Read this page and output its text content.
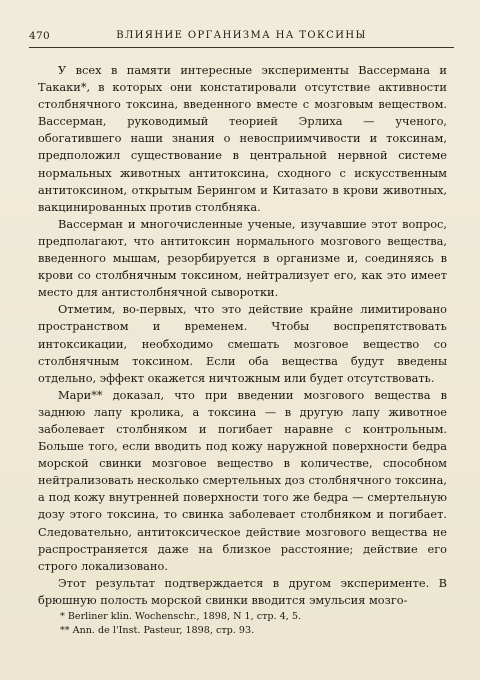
470	ВЛИЯНИЕ ОРГАНИЗМА НА ТОКСИНЫ

У всех в памяти интересные эксперименты Вассермана и Такаки*, в которых они констатировали отсутствие активности столбнячного токсина, введенного вместе с мозговым веществом. Вассерман, руководимый теорией Эрлиха — ученого, обогатившего наши знания о невосприимчивости и токсинам, предположил существование в центральной нервной системе нормальных животных антитоксина, сходного с искусственным антитоксином, открытым Берингом и Китазато в крови животных, вакцинированных против столбняка.

Вассерман и многочисленные ученые, изучавшие этот вопрос, предполагают, что антитоксин нормального мозгового вещества, введенного мышам, резорбируется в организме и, соединяясь в крови со столбнячным токсином, нейтрализует его, как это имеет место для антистолбнячной сыворотки.

Отметим, во-первых, что это действие крайне лимитировано пространством и временем. Чтобы воспрепятствовать интоксикации, необходимо смешать мозговое вещество со столбнячным токсином. Если оба вещества будут введены отдельно, эффект окажется ничтожным или будет отсутствовать.

Мари** доказал, что при введении мозгового вещества в заднюю лапу кролика, а токсина — в другую лапу животное заболевает столбняком и погибает наравне с контрольным. Больше того, если вводить под кожу наружной поверхности бедра морской свинки мозговое вещество в количестве, способном нейтрализовать несколько смертельных доз столбнячного токсина, а под кожу внутренней поверхности того же бедра — смертельную дозу этого токсина, то свинка заболевает столбняком и погибает. Следовательно, антитоксическое действие мозгового вещества не распространяется даже на близкое расстояние; действие его строго локализовано.

Этот результат подтверждается в другом эксперименте. В брюшную полость морской свинки вводится эмульсия мозго-

* Berliner klin. Wochenschr., 1898, N 1, стр. 4, 5.

** Ann. de l'Inst. Pasteur, 1898, стр. 93.
